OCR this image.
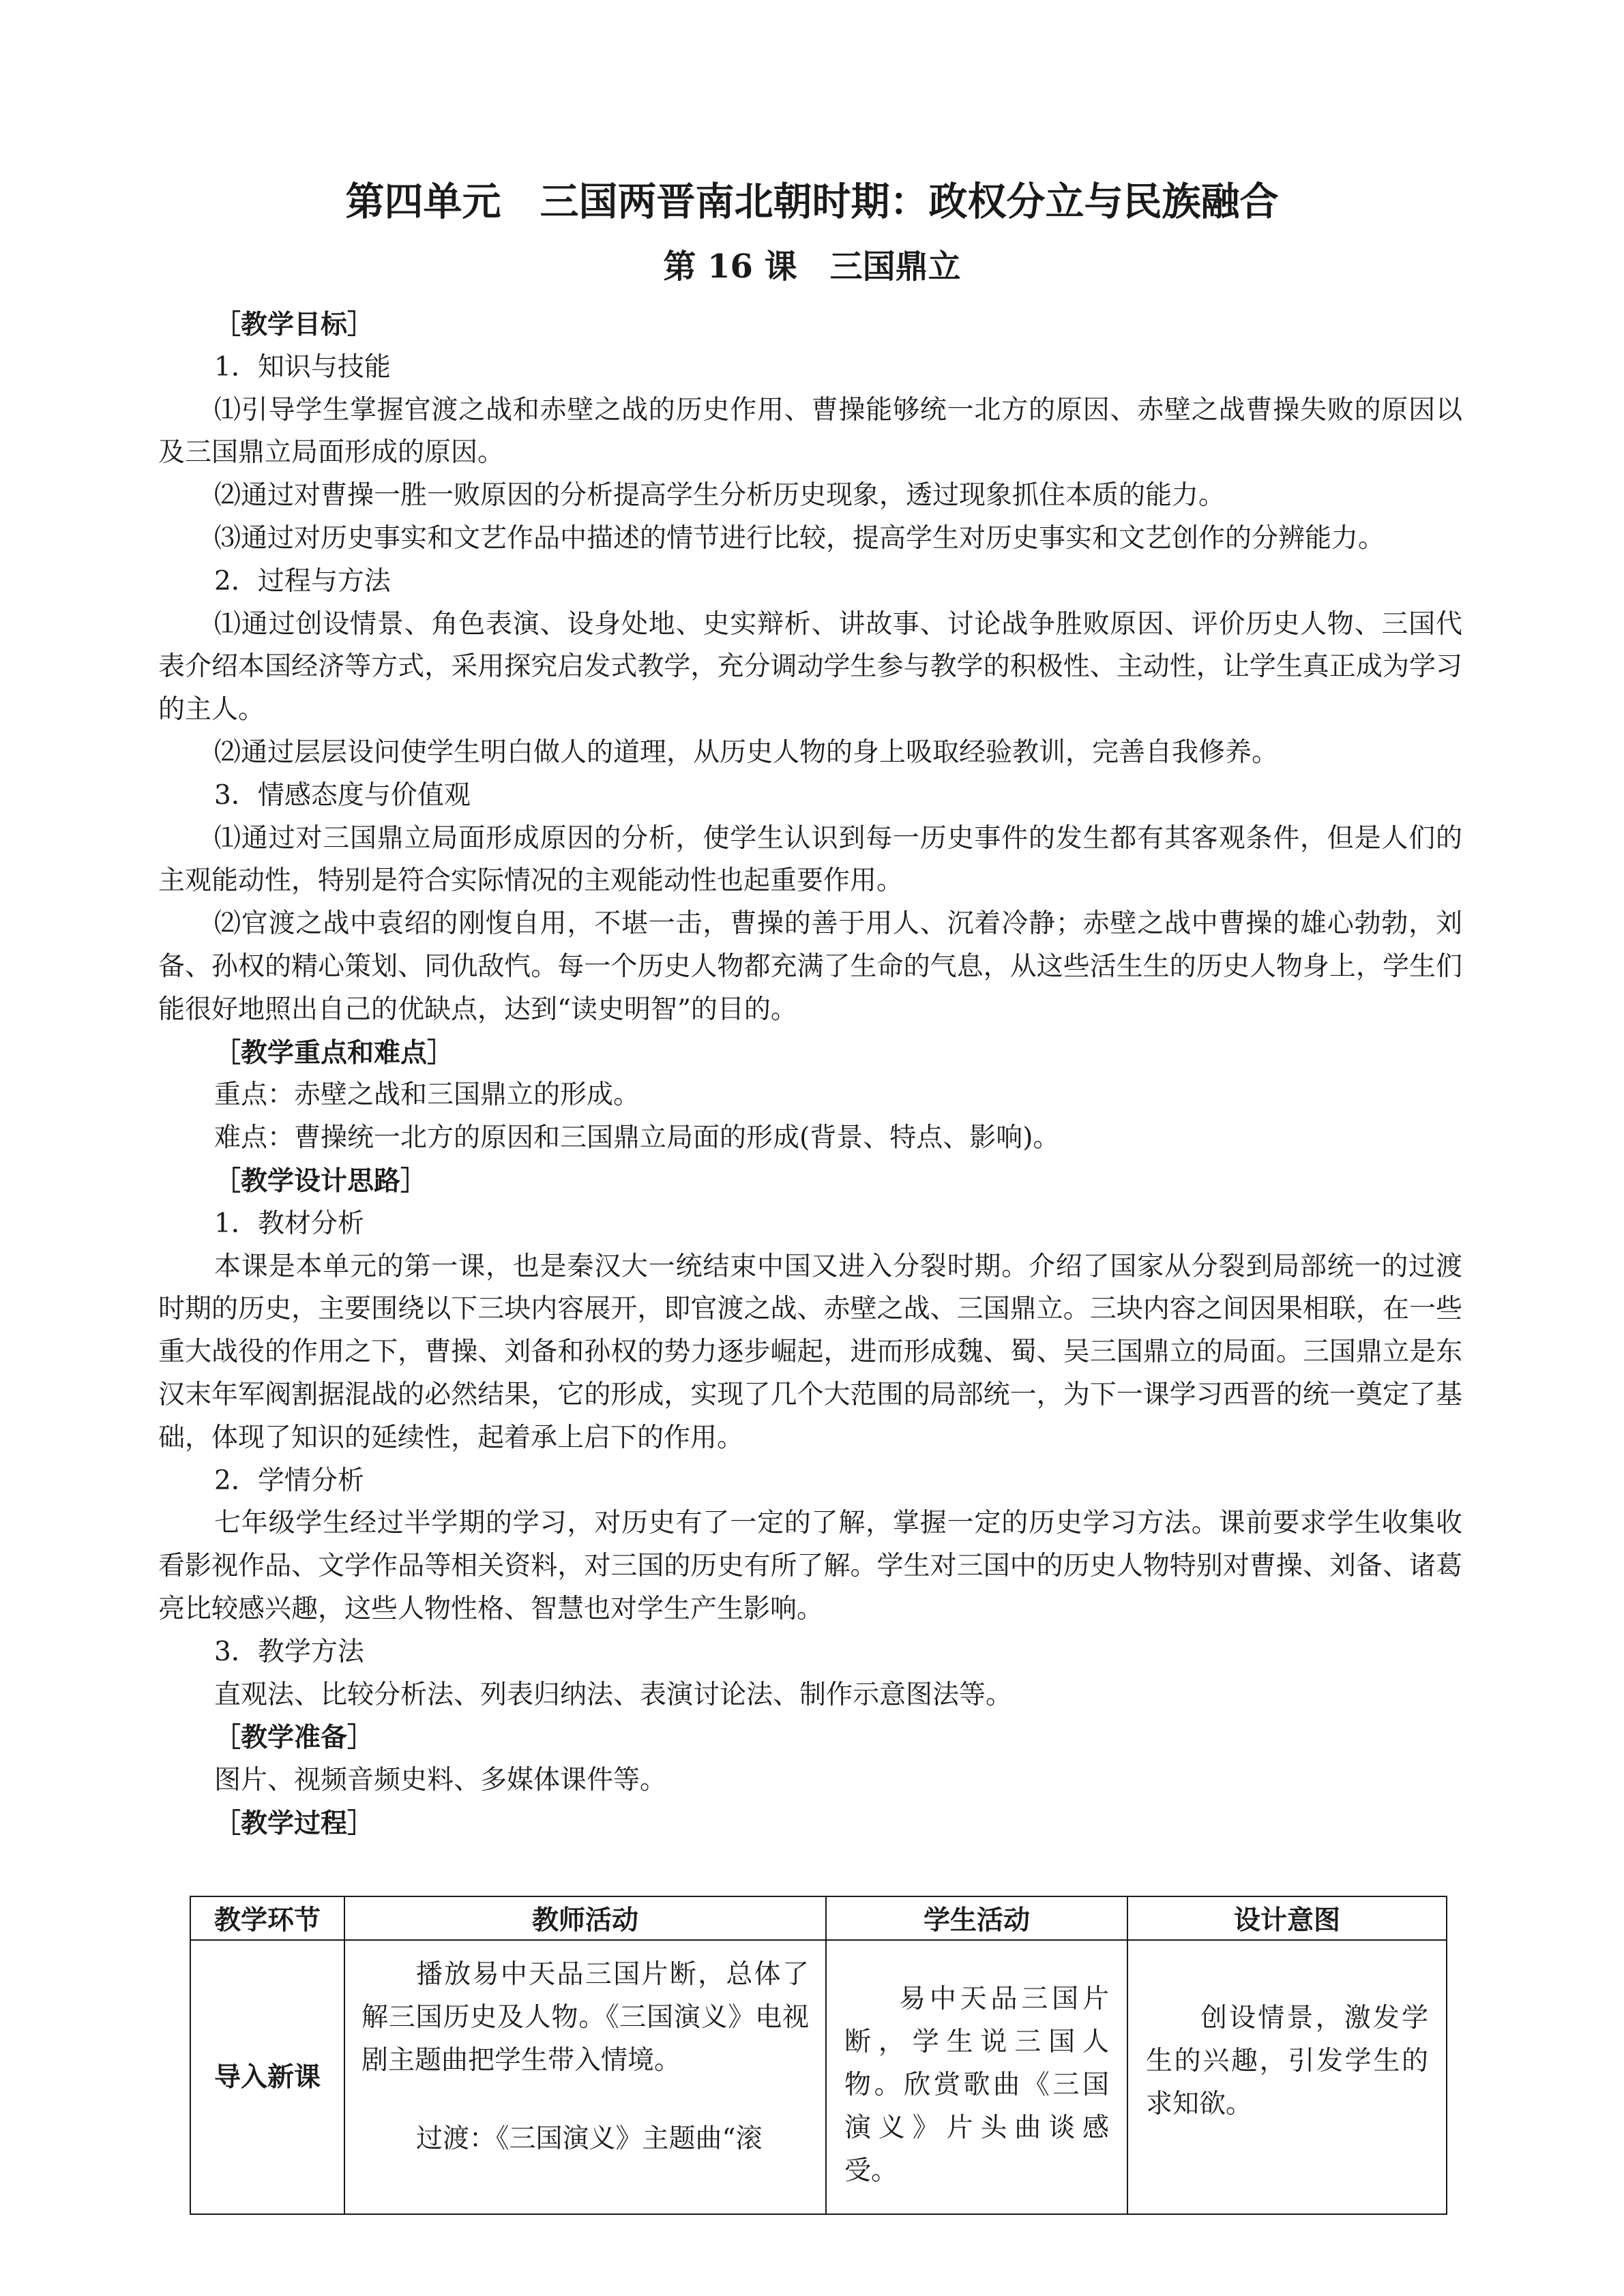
第四单元　三国两晋南北朝时期：政权分立与民族融合
第 16 课　三国鼎立

［教学目标］

1．知识与技能

⑴引导学生掌握官渡之战和赤壁之战的历史作用、曹操能够统一北方的原因、赤壁之战曹操失败的原因以及三国鼎立局面形成的原因。

⑵通过对曹操一胜一败原因的分析提高学生分析历史现象，透过现象抓住本质的能力。

⑶通过对历史事实和文艺作品中描述的情节进行比较，提高学生对历史事实和文艺创作的分辨能力。

2．过程与方法

⑴通过创设情景、角色表演、设身处地、史实辩析、讲故事、讨论战争胜败原因、评价历史人物、三国代表介绍本国经济等方式，采用探究启发式教学，充分调动学生参与教学的积极性、主动性，让学生真正成为学习的主人。

⑵通过层层设问使学生明白做人的道理，从历史人物的身上吸取经验教训，完善自我修养。

3．情感态度与价值观

⑴通过对三国鼎立局面形成原因的分析，使学生认识到每一历史事件的发生都有其客观条件，但是人们的主观能动性，特别是符合实际情况的主观能动性也起重要作用。

⑵官渡之战中袁绍的刚愎自用，不堪一击，曹操的善于用人、沉着冷静；赤壁之战中曹操的雄心勃勃，刘备、孙权的精心策划、同仇敌忾。每一个历史人物都充满了生命的气息，从这些活生生的历史人物身上，学生们能很好地照出自己的优缺点，达到“读史明智”的目的。

［教学重点和难点］

重点：赤壁之战和三国鼎立的形成。

难点：曹操统一北方的原因和三国鼎立局面的形成(背景、特点、影响)。

［教学设计思路］

1．教材分析

本课是本单元的第一课，也是秦汉大一统结束中国又进入分裂时期。介绍了国家从分裂到局部统一的过渡时期的历史，主要围绕以下三块内容展开，即官渡之战、赤壁之战、三国鼎立。三块内容之间因果相联，在一些重大战役的作用之下，曹操、刘备和孙权的势力逐步崛起，进而形成魏、蜀、吴三国鼎立的局面。三国鼎立是东汉末年军阀割据混战的必然结果，它的形成，实现了几个大范围的局部统一，为下一课学习西晋的统一奠定了基础，体现了知识的延续性，起着承上启下的作用。

2．学情分析

七年级学生经过半学期的学习，对历史有了一定的了解，掌握一定的历史学习方法。课前要求学生收集收看影视作品、文学作品等相关资料，对三国的历史有所了解。学生对三国中的历史人物特别对曹操、刘备、诸葛亮比较感兴趣，这些人物性格、智慧也对学生产生影响。

3．教学方法

直观法、比较分析法、列表归纳法、表演讨论法、制作示意图法等。

［教学准备］

图片、视频音频史料、多媒体课件等。

［教学过程］

教学环节	教师活动	学生活动	设计意图
导入新课	播放易中天品三国片断，总体了解三国历史及人物。《三国演义》电视剧主题曲把学生带入情境。

过渡：《三国演义》主题曲“滚	易中天品三国片断，学生说三国人物。欣赏歌曲《三国演义》片头曲谈感受。	创设情景，激发学生的兴趣，引发学生的求知欲。
